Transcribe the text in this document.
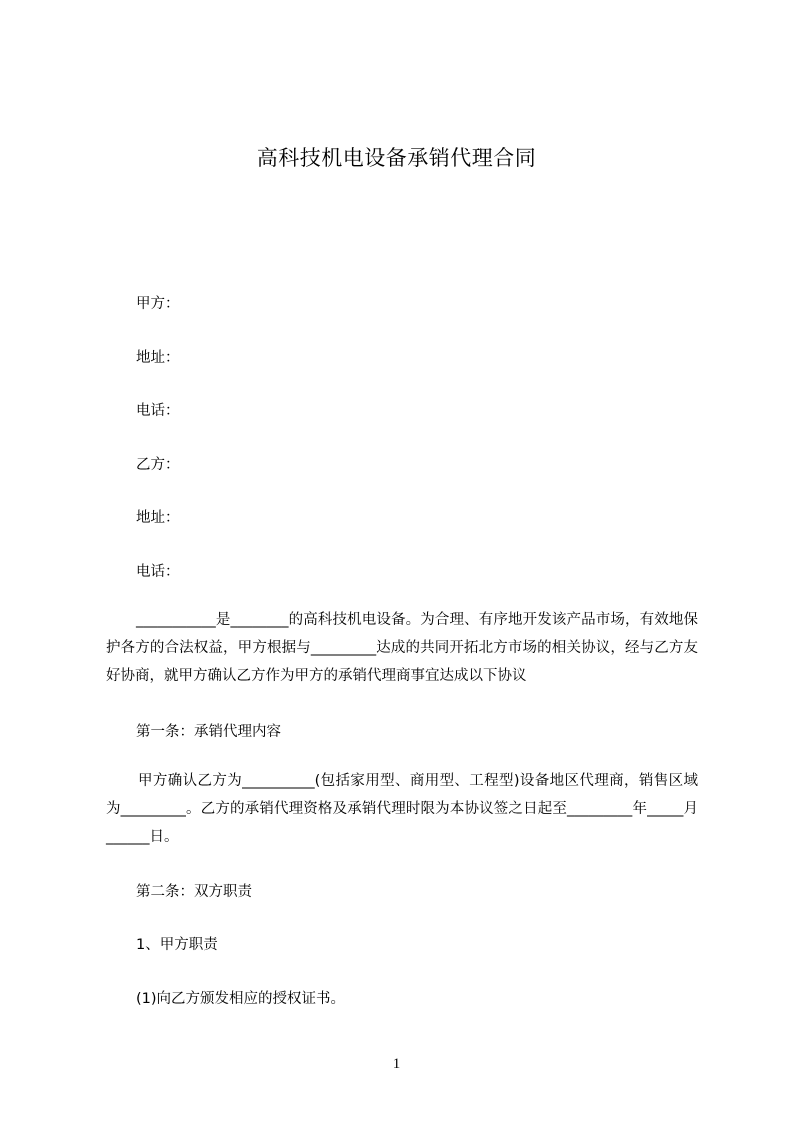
高科技机电设备承销代理合同
甲方：
地址：
电话：
乙方：
地址：
电话：
___________是________的高科技机电设备。为合理、有序地开发该产品市场，有效地保护各方的合法权益，甲方根据与_________达成的共同开拓北方市场的相关协议，经与乙方友好协商，就甲方确认乙方作为甲方的承销代理商事宜达成以下协议
第一条：承销代理内容
甲方确认乙方为__________(包括家用型、商用型、工程型)设备地区代理商，销售区域为_________。乙方的承销代理资格及承销代理时限为本协议签之日起至_________年_____月______日。
第二条：双方职责
1、甲方职责
(1)向乙方颁发相应的授权证书。
1
